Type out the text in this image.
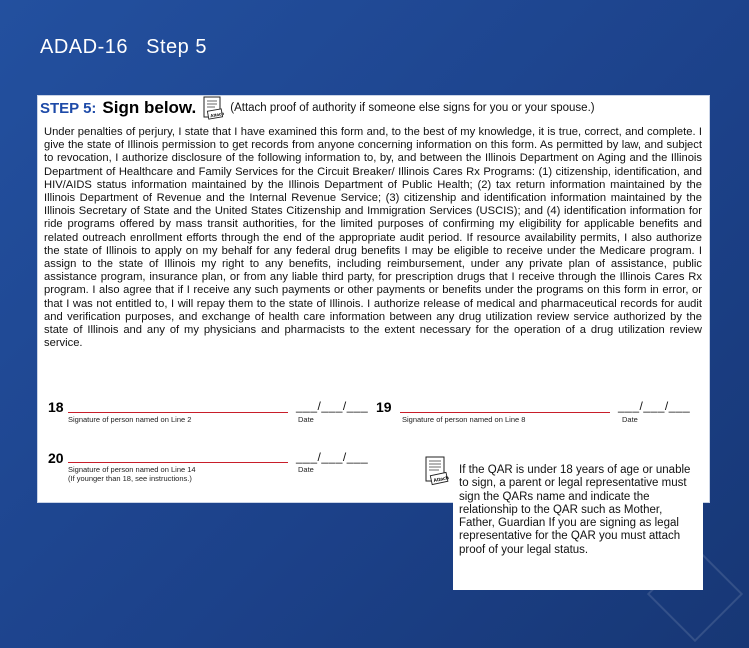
ADAD-16   Step 5
STEP 5: Sign below.	Attach
(Attach proof of authority if someone else signs for you or your spouse.)

Under penalties of perjury, I state that I have examined this form and, to the best of my knowledge, it is true, correct, and complete. I give the state of Illinois permission to get records from anyone concerning information on this form. As permitted by law, and subject to revocation, I authorize disclosure of the following information to, by, and between the Illinois Department on Aging and the Illinois Department of Healthcare and Family Services for the Circuit Breaker/ Illinois Cares Rx Programs: (1) citizenship, identification, and HIV/AIDS status information maintained by the Illinois Department of Public Health; (2) tax return information maintained by the Illinois Department of Revenue and the Internal Revenue Service; (3) citizenship and identification information maintained by the Illinois Secretary of State and the United States Citizenship and Immigration Services (USCIS); and (4) identification information for ride programs offered by mass transit authorities, for the limited purposes of confirming my eligibility for applicable benefits and related outreach enrollment efforts through the end of the appropriate audit period. If resource availability permits, I also authorize the state of Illinois to apply on my behalf for any federal drug benefits I may be eligible to receive under the Medicare program. I assign to the state of Illinois my right to any benefits, including reimbursement, under any private plan of assistance, public assistance program, insurance plan, or from any liable third party, for prescription drugs that I receive through the Illinois Cares Rx program. I also agree that if I receive any such payments or other payments or benefits under the programs on this form in error, or that I was not entitled to, I will repay them to the state of Illinois. I authorize release of medical and pharmaceutical records for audit and verification purposes, and exchange of health care information between any drug utilization review service authorized by the state of Illinois and any of my physicians and pharmacists to the extent necessary for the operation of a drug utilization review service.

18	___/___/___
Signature of person named on Line 2	Date
19	___/___/___
Signature of person named on Line 8	Date
20	___/___/___
Signature of person named on Line 14
(If younger than 18, see instructions.)
Date
Attach

If the QAR is under 18 years of age or unable to sign, a parent or legal representative must sign the QARs name and indicate the relationship to the QAR such as Mother, Father, Guardian If you are signing as legal representative for the QAR you must attach proof of your legal status.
